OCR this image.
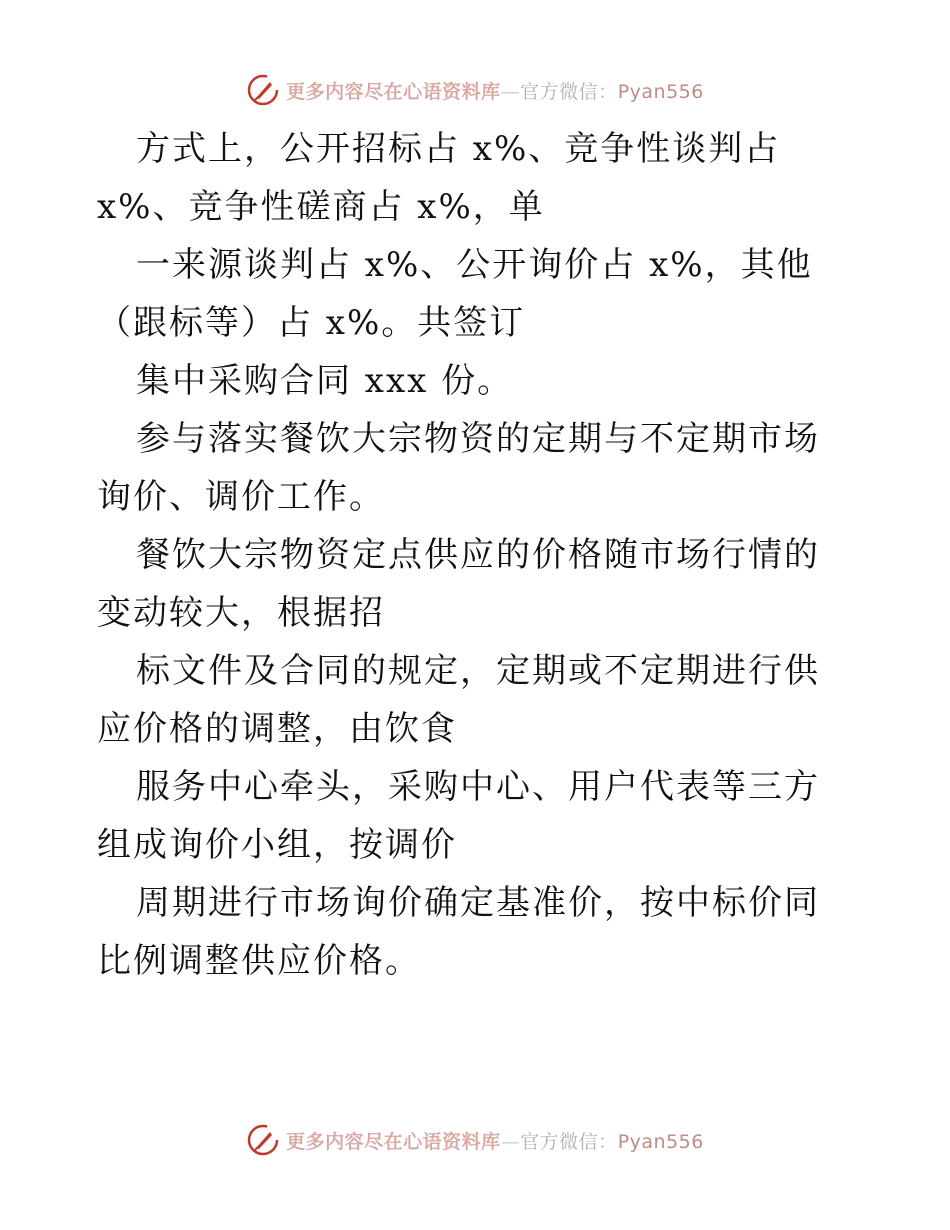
更多内容尽在心语资料库—官方微信：Pyan556

方式上，公开招标占 x%、竞争性谈判占 x%、竞争性磋商占 x%，单

一来源谈判占 x%、公开询价占 x%，其他（跟标等）占 x%。共签订

集中采购合同 xxx 份。

参与落实餐饮大宗物资的定期与不定期市场询价、调价工作。

餐饮大宗物资定点供应的价格随市场行情的变动较大，根据招

标文件及合同的规定，定期或不定期进行供应价格的调整，由饮食

服务中心牵头，采购中心、用户代表等三方组成询价小组，按调价

周期进行市场询价确定基准价，按中标价同比例调整供应价格。

更多内容尽在心语资料库—官方微信：Pyan556
